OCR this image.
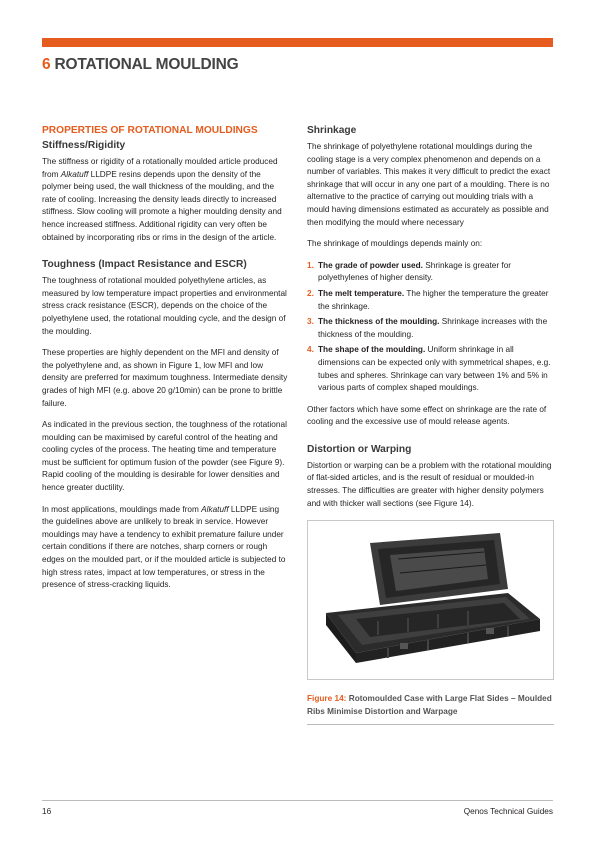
6 ROTATIONAL MOULDING
PROPERTIES OF ROTATIONAL MOULDINGS
Stiffness/Rigidity

The stiffness or rigidity of a rotationally moulded article produced from Alkatuff LLDPE resins depends upon the density of the polymer being used, the wall thickness of the moulding, and the rate of cooling. Increasing the density leads directly to increased stiffness. Slow cooling will promote a higher moulding density and hence increased stiffness. Additional rigidity can very often be obtained by incorporating ribs or rims in the design of the article.

Toughness (Impact Resistance and ESCR)

The toughness of rotational moulded polyethylene articles, as measured by low temperature impact properties and environmental stress crack resistance (ESCR), depends on the choice of the polyethylene used, the rotational moulding cycle, and the design of the moulding.

These properties are highly dependent on the MFI and density of the polyethylene and, as shown in Figure 1, low MFI and low density are preferred for maximum toughness. Intermediate density grades of high MFI (e.g. above 20 g/10min) can be prone to brittle failure.

As indicated in the previous section, the toughness of the rotational moulding can be maximised by careful control of the heating and cooling cycles of the process. The heating time and temperature must be sufficient for optimum fusion of the powder (see Figure 9). Rapid cooling of the moulding is desirable for lower densities and hence greater ductility.

In most applications, mouldings made from Alkatuff LLDPE using the guidelines above are unlikely to break in service. However mouldings may have a tendency to exhibit premature failure under certain conditions if there are notches, sharp corners or rough edges on the moulded part, or if the moulded article is subjected to high stress rates, impact at low temperatures, or stress in the presence of stress-cracking liquids.

Shrinkage

The shrinkage of polyethylene rotational mouldings during the cooling stage is a very complex phenomenon and depends on a number of variables. This makes it very difficult to predict the exact shrinkage that will occur in any one part of a moulding. There is no alternative to the practice of carrying out moulding trials with a mould having dimensions estimated as accurately as possible and then modifying the mould where necessary

The shrinkage of mouldings depends mainly on:

1. The grade of powder used. Shrinkage is greater for polyethylenes of higher density.
2. The melt temperature. The higher the temperature the greater the shrinkage.
3. The thickness of the moulding. Shrinkage increases with the thickness of the moulding.
4. The shape of the moulding. Uniform shrinkage in all dimensions can be expected only with symmetrical shapes, e.g. tubes and spheres. Shrinkage can vary between 1% and 5% in various parts of complex shaped mouldings.

Other factors which have some effect on shrinkage are the rate of cooling and the excessive use of mould release agents.

Distortion or Warping

Distortion or warping can be a problem with the rotational moulding of flat-sided articles, and is the result of residual or moulded-in stresses. The difficulties are greater with higher density polymers and with thicker wall sections (see Figure 14).

Figure 14: Rotomoulded Case with Large Flat Sides – Moulded Ribs Minimise Distortion and Warpage
16	Qenos Technical Guides
